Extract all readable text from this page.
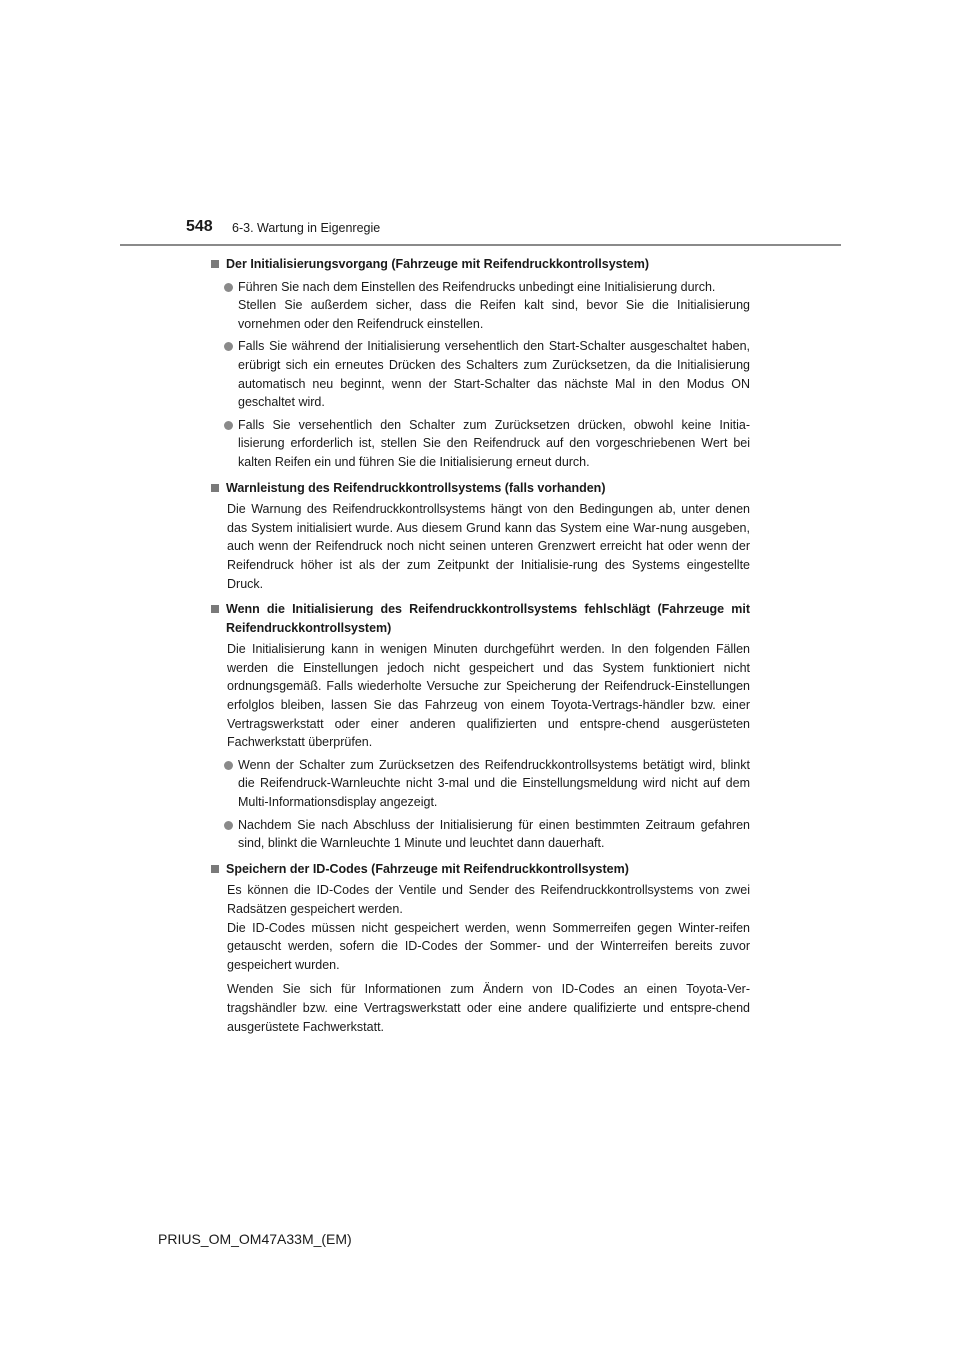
548 6-3. Wartung in Eigenregie
Der Initialisierungsvorgang (Fahrzeuge mit Reifendruckkontrollsystem)
Führen Sie nach dem Einstellen des Reifendrucks unbedingt eine Initialisierung durch.
Stellen Sie außerdem sicher, dass die Reifen kalt sind, bevor Sie die Initialisierung vornehmen oder den Reifendruck einstellen.
Falls Sie während der Initialisierung versehentlich den Start-Schalter ausgeschaltet haben, erübrigt sich ein erneutes Drücken des Schalters zum Zurücksetzen, da die Initialisierung automatisch neu beginnt, wenn der Start-Schalter das nächste Mal in den Modus ON geschaltet wird.
Falls Sie versehentlich den Schalter zum Zurücksetzen drücken, obwohl keine Initia-lisierung erforderlich ist, stellen Sie den Reifendruck auf den vorgeschriebenen Wert bei kalten Reifen ein und führen Sie die Initialisierung erneut durch.
Warnleistung des Reifendruckkontrollsystems (falls vorhanden)
Die Warnung des Reifendruckkontrollsystems hängt von den Bedingungen ab, unter denen das System initialisiert wurde. Aus diesem Grund kann das System eine War-nung ausgeben, auch wenn der Reifendruck noch nicht seinen unteren Grenzwert erreicht hat oder wenn der Reifendruck höher ist als der zum Zeitpunkt der Initialisie-rung des Systems eingestellte Druck.
Wenn die Initialisierung des Reifendruckkontrollsystems fehlschlägt (Fahrzeuge mit Reifendruckkontrollsystem)
Die Initialisierung kann in wenigen Minuten durchgeführt werden. In den folgenden Fällen werden die Einstellungen jedoch nicht gespeichert und das System funktioniert nicht ordnungsgemäß. Falls wiederholte Versuche zur Speicherung der Reifendruck-Einstellungen erfolglos bleiben, lassen Sie das Fahrzeug von einem Toyota-Vertrags-händler bzw. einer Vertragswerkstatt oder einer anderen qualifizierten und entspre-chend ausgerüsteten Fachwerkstatt überprüfen.
Wenn der Schalter zum Zurücksetzen des Reifendruckkontrollsystems betätigt wird, blinkt die Reifendruck-Warnleuchte nicht 3-mal und die Einstellungsmeldung wird nicht auf dem Multi-Informationsdisplay angezeigt.
Nachdem Sie nach Abschluss der Initialisierung für einen bestimmten Zeitraum gefahren sind, blinkt die Warnleuchte 1 Minute und leuchtet dann dauerhaft.
Speichern der ID-Codes (Fahrzeuge mit Reifendruckkontrollsystem)
Es können die ID-Codes der Ventile und Sender des Reifendruckkontrollsystems von zwei Radsätzen gespeichert werden.
Die ID-Codes müssen nicht gespeichert werden, wenn Sommerreifen gegen Winter-reifen getauscht werden, sofern die ID-Codes der Sommer- und der Winterreifen bereits zuvor gespeichert wurden.
Wenden Sie sich für Informationen zum Ändern von ID-Codes an einen Toyota-Ver-tragshändler bzw. eine Vertragswerkstatt oder eine andere qualifizierte und entspre-chend ausgerüstete Fachwerkstatt.
PRIUS_OM_OM47A33M_(EM)
